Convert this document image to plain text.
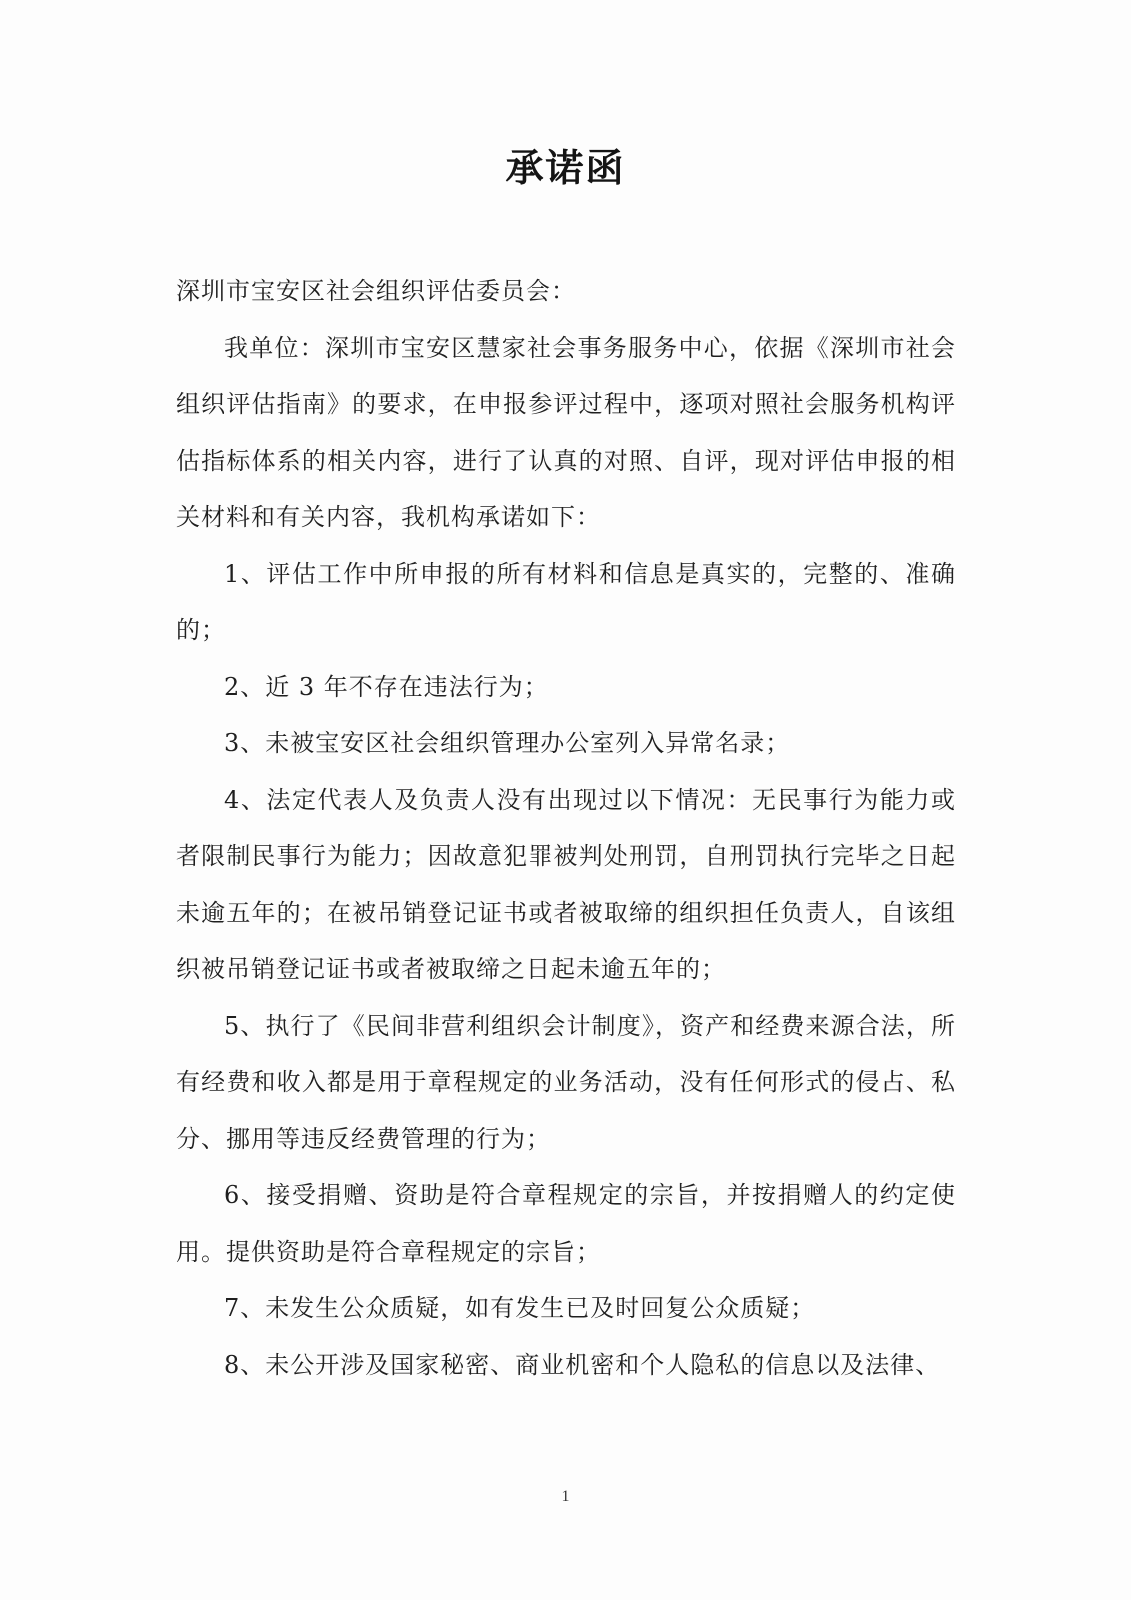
承诺函

深圳市宝安区社会组织评估委员会：

我单位：深圳市宝安区慧家社会事务服务中心，依据《深圳市社会组织评估指南》的要求，在申报参评过程中，逐项对照社会服务机构评估指标体系的相关内容，进行了认真的对照、自评，现对评估申报的相关材料和有关内容，我机构承诺如下：

1、评估工作中所申报的所有材料和信息是真实的，完整的、准确的；

2、近 3 年不存在违法行为；

3、未被宝安区社会组织管理办公室列入异常名录；

4、法定代表人及负责人没有出现过以下情况：无民事行为能力或者限制民事行为能力；因故意犯罪被判处刑罚，自刑罚执行完毕之日起未逾五年的；在被吊销登记证书或者被取缔的组织担任负责人，自该组织被吊销登记证书或者被取缔之日起未逾五年的；

5、执行了《民间非营利组织会计制度》，资产和经费来源合法，所有经费和收入都是用于章程规定的业务活动，没有任何形式的侵占、私分、挪用等违反经费管理的行为；

6、接受捐赠、资助是符合章程规定的宗旨，并按捐赠人的约定使用。提供资助是符合章程规定的宗旨；

7、未发生公众质疑，如有发生已及时回复公众质疑；

8、未公开涉及国家秘密、商业机密和个人隐私的信息以及法律、

1
